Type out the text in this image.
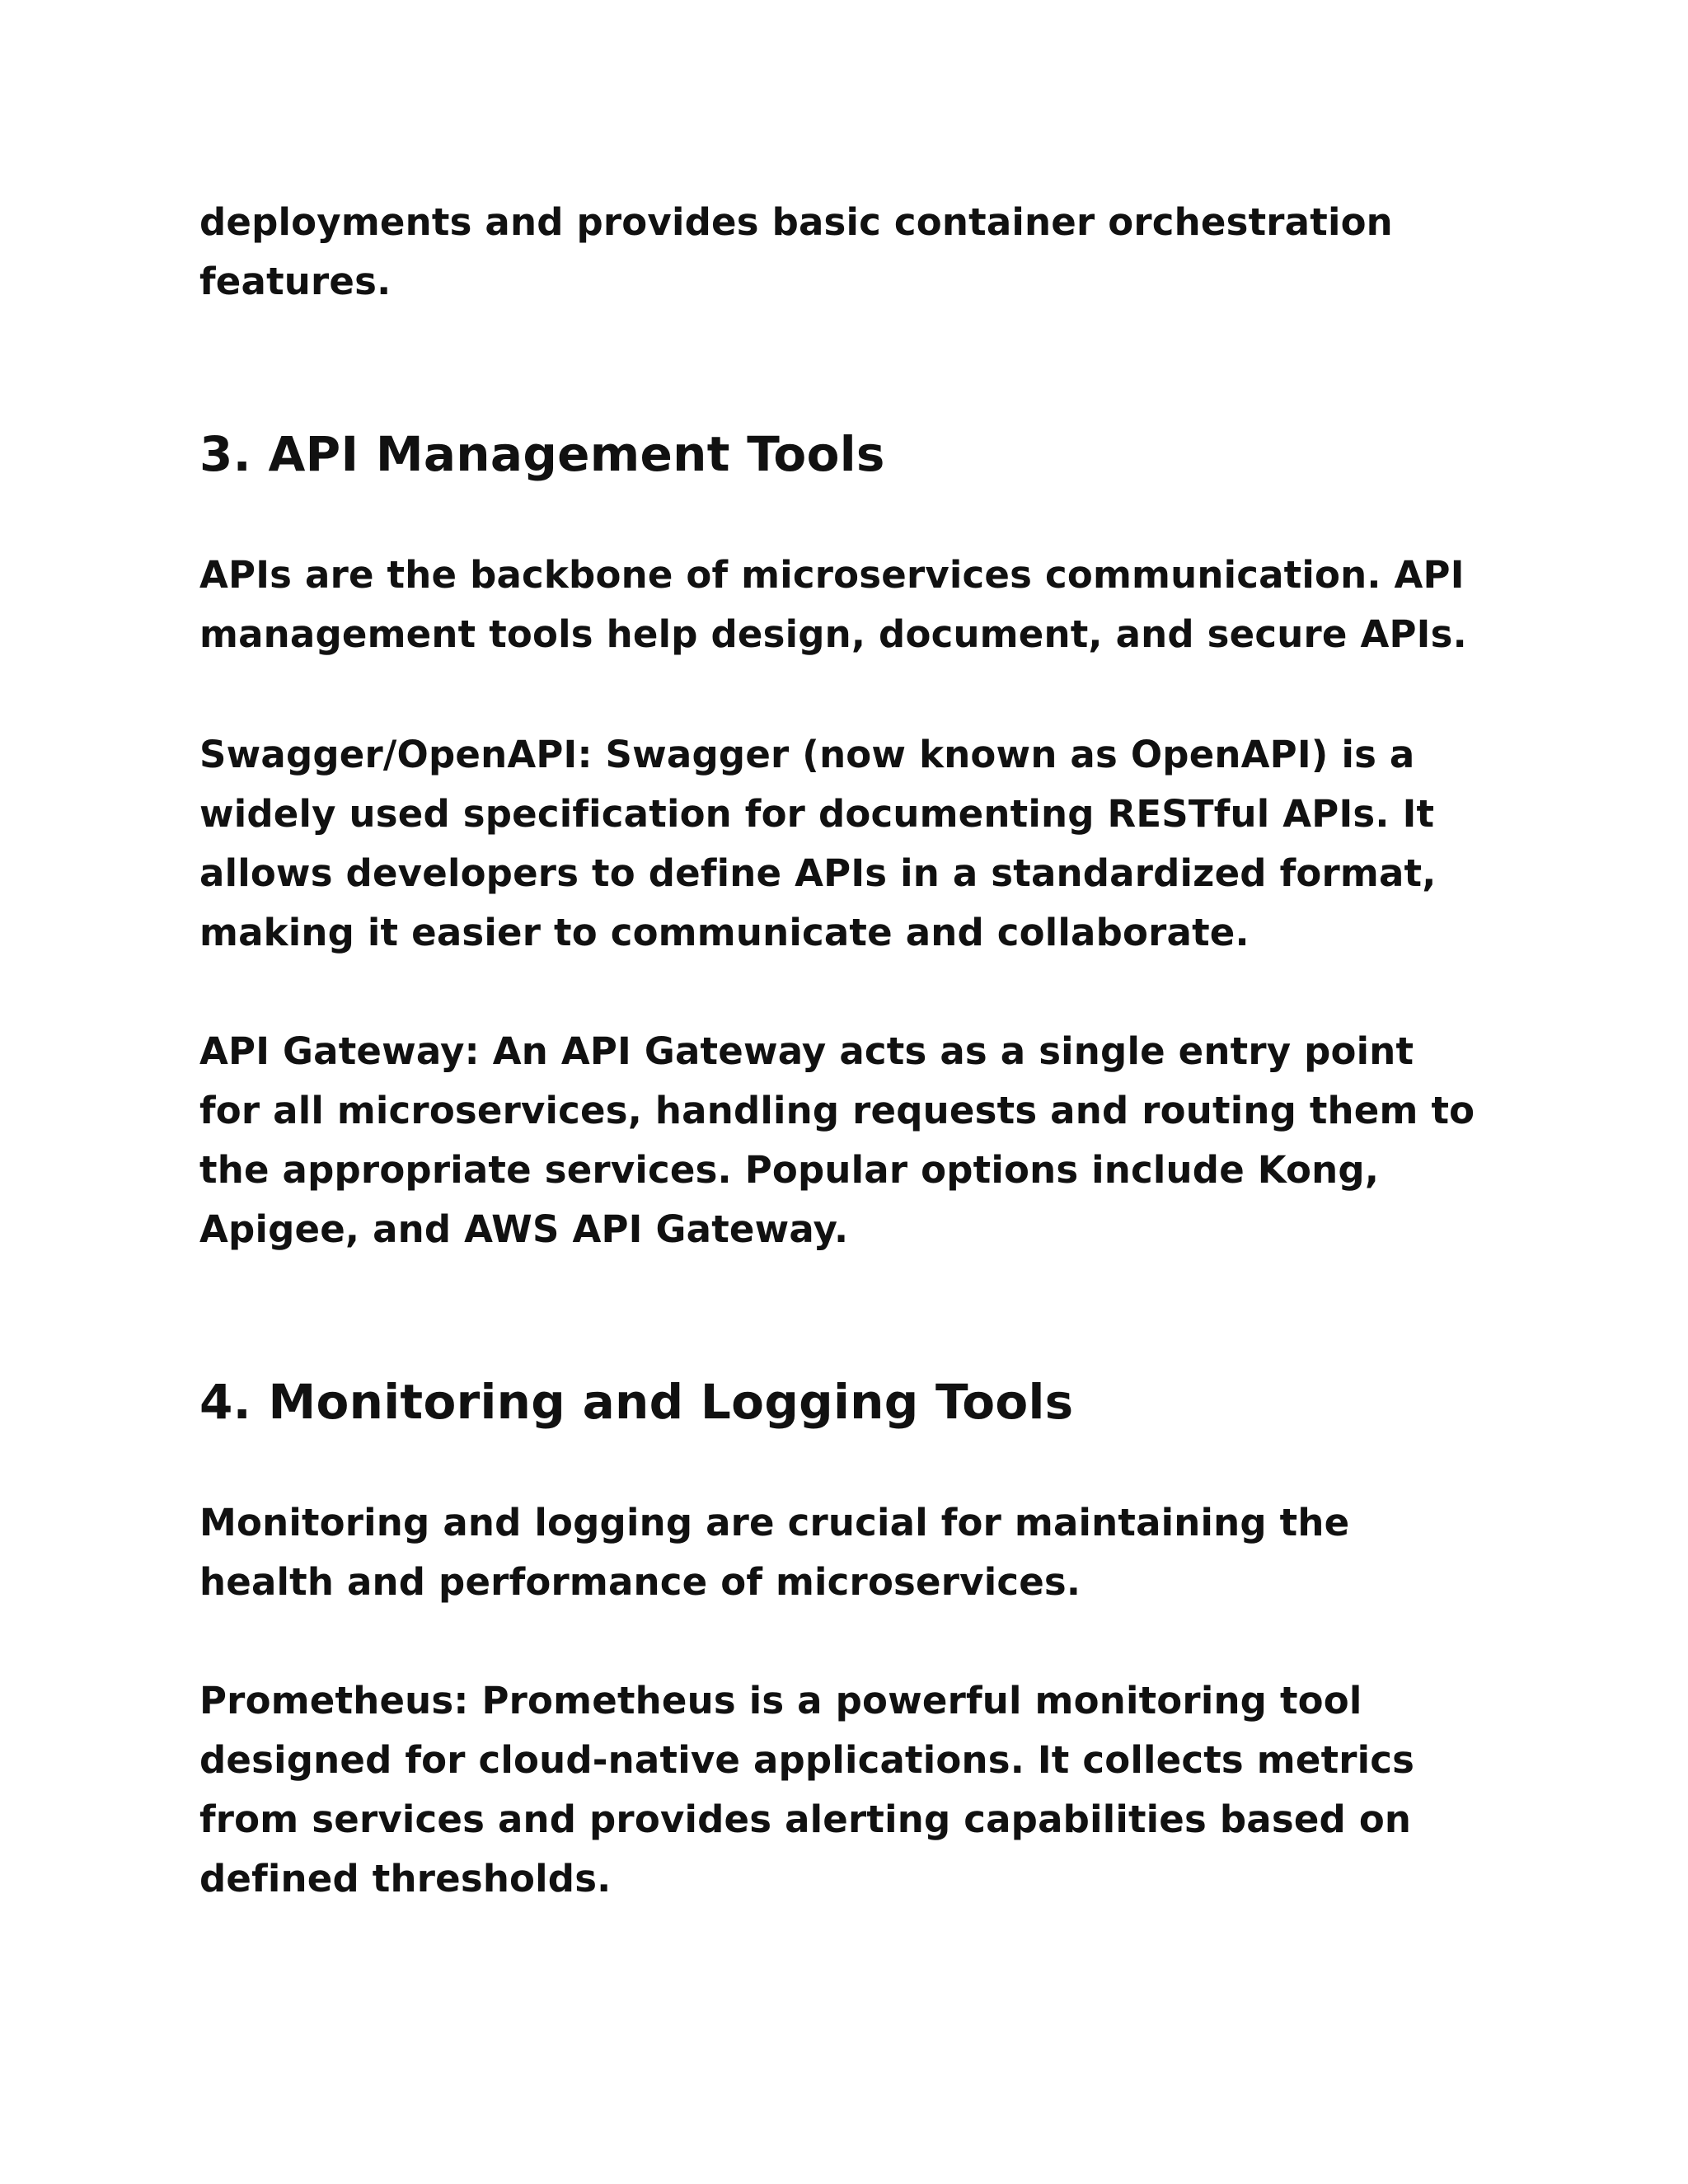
deployments and provides basic container orchestration
features.

3. API Management Tools

APIs are the backbone of microservices communication. API
management tools help design, document, and secure APIs.

Swagger/OpenAPI: Swagger (now known as OpenAPI) is a
widely used specification for documenting RESTful APIs. It
allows developers to define APIs in a standardized format,
making it easier to communicate and collaborate.

API Gateway: An API Gateway acts as a single entry point
for all microservices, handling requests and routing them to
the appropriate services. Popular options include Kong,
Apigee, and AWS API Gateway.

4. Monitoring and Logging Tools

Monitoring and logging are crucial for maintaining the
health and performance of microservices.

Prometheus: Prometheus is a powerful monitoring tool
designed for cloud-native applications. It collects metrics
from services and provides alerting capabilities based on
defined thresholds.
